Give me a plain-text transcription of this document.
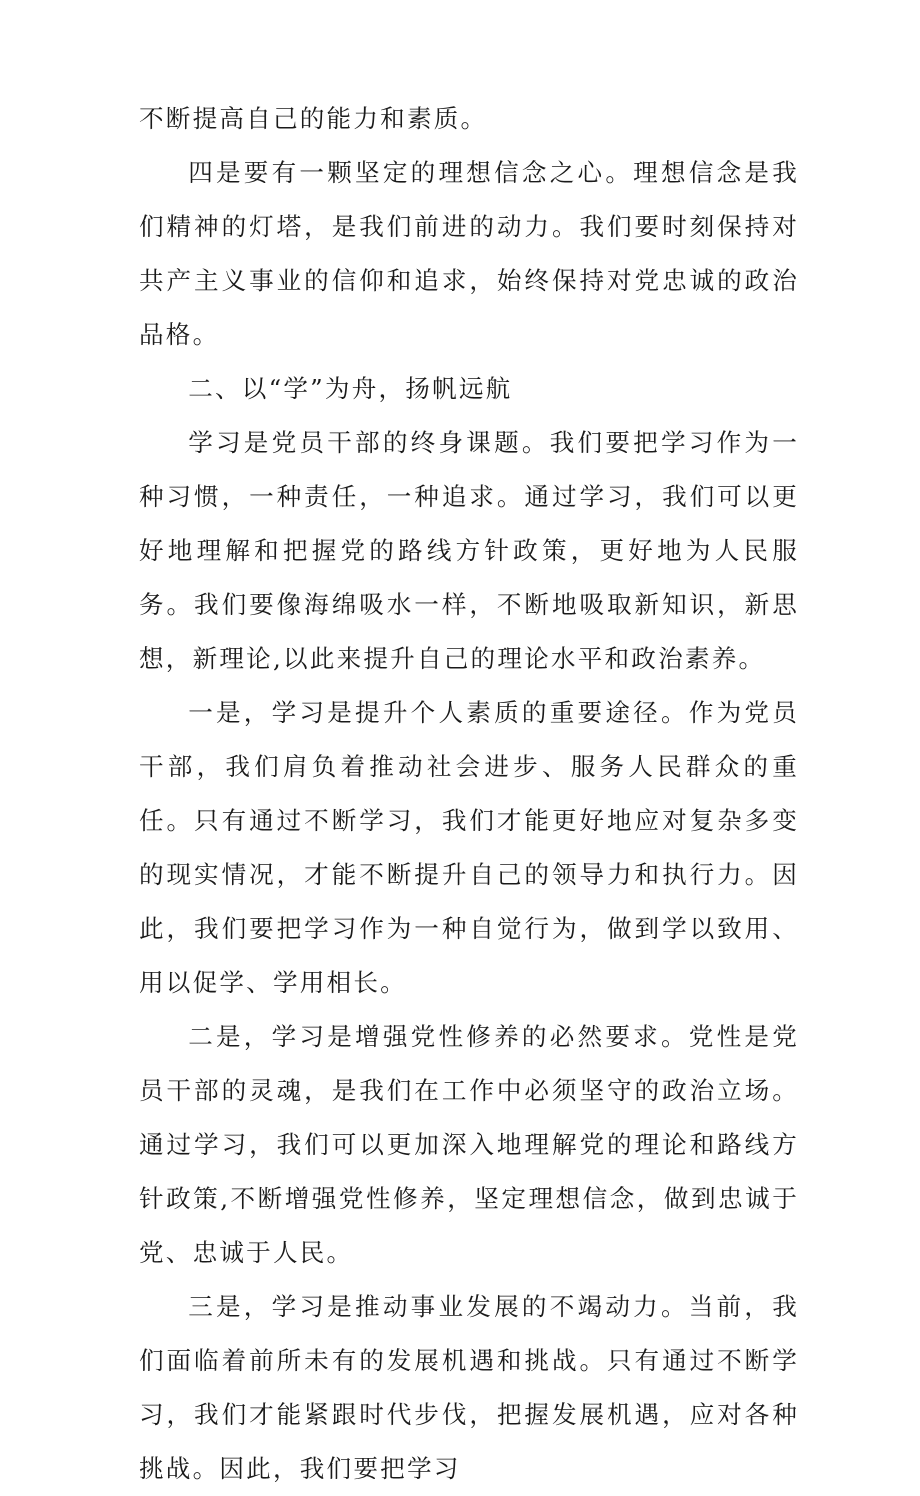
不断提高自己的能力和素质。

四是要有一颗坚定的理想信念之心。理想信念是我们精神的灯塔，是我们前进的动力。我们要时刻保持对共产主义事业的信仰和追求，始终保持对党忠诚的政治品格。

二、以“学”为舟，扬帆远航

学习是党员干部的终身课题。我们要把学习作为一种习惯，一种责任，一种追求。通过学习，我们可以更好地理解和把握党的路线方针政策，更好地为人民服务。我们要像海绵吸水一样，不断地吸取新知识，新思想，新理论,以此来提升自己的理论水平和政治素养。

一是，学习是提升个人素质的重要途径。作为党员干部，我们肩负着推动社会进步、服务人民群众的重任。只有通过不断学习，我们才能更好地应对复杂多变的现实情况，才能不断提升自己的领导力和执行力。因此，我们要把学习作为一种自觉行为，做到学以致用、用以促学、学用相长。

二是，学习是增强党性修养的必然要求。党性是党员干部的灵魂，是我们在工作中必须坚守的政治立场。通过学习，我们可以更加深入地理解党的理论和路线方针政策,不断增强党性修养，坚定理想信念，做到忠诚于党、忠诚于人民。

三是，学习是推动事业发展的不竭动力。当前，我们面临着前所未有的发展机遇和挑战。只有通过不断学习，我们才能紧跟时代步伐，把握发展机遇，应对各种挑战。因此，我们要把学习
